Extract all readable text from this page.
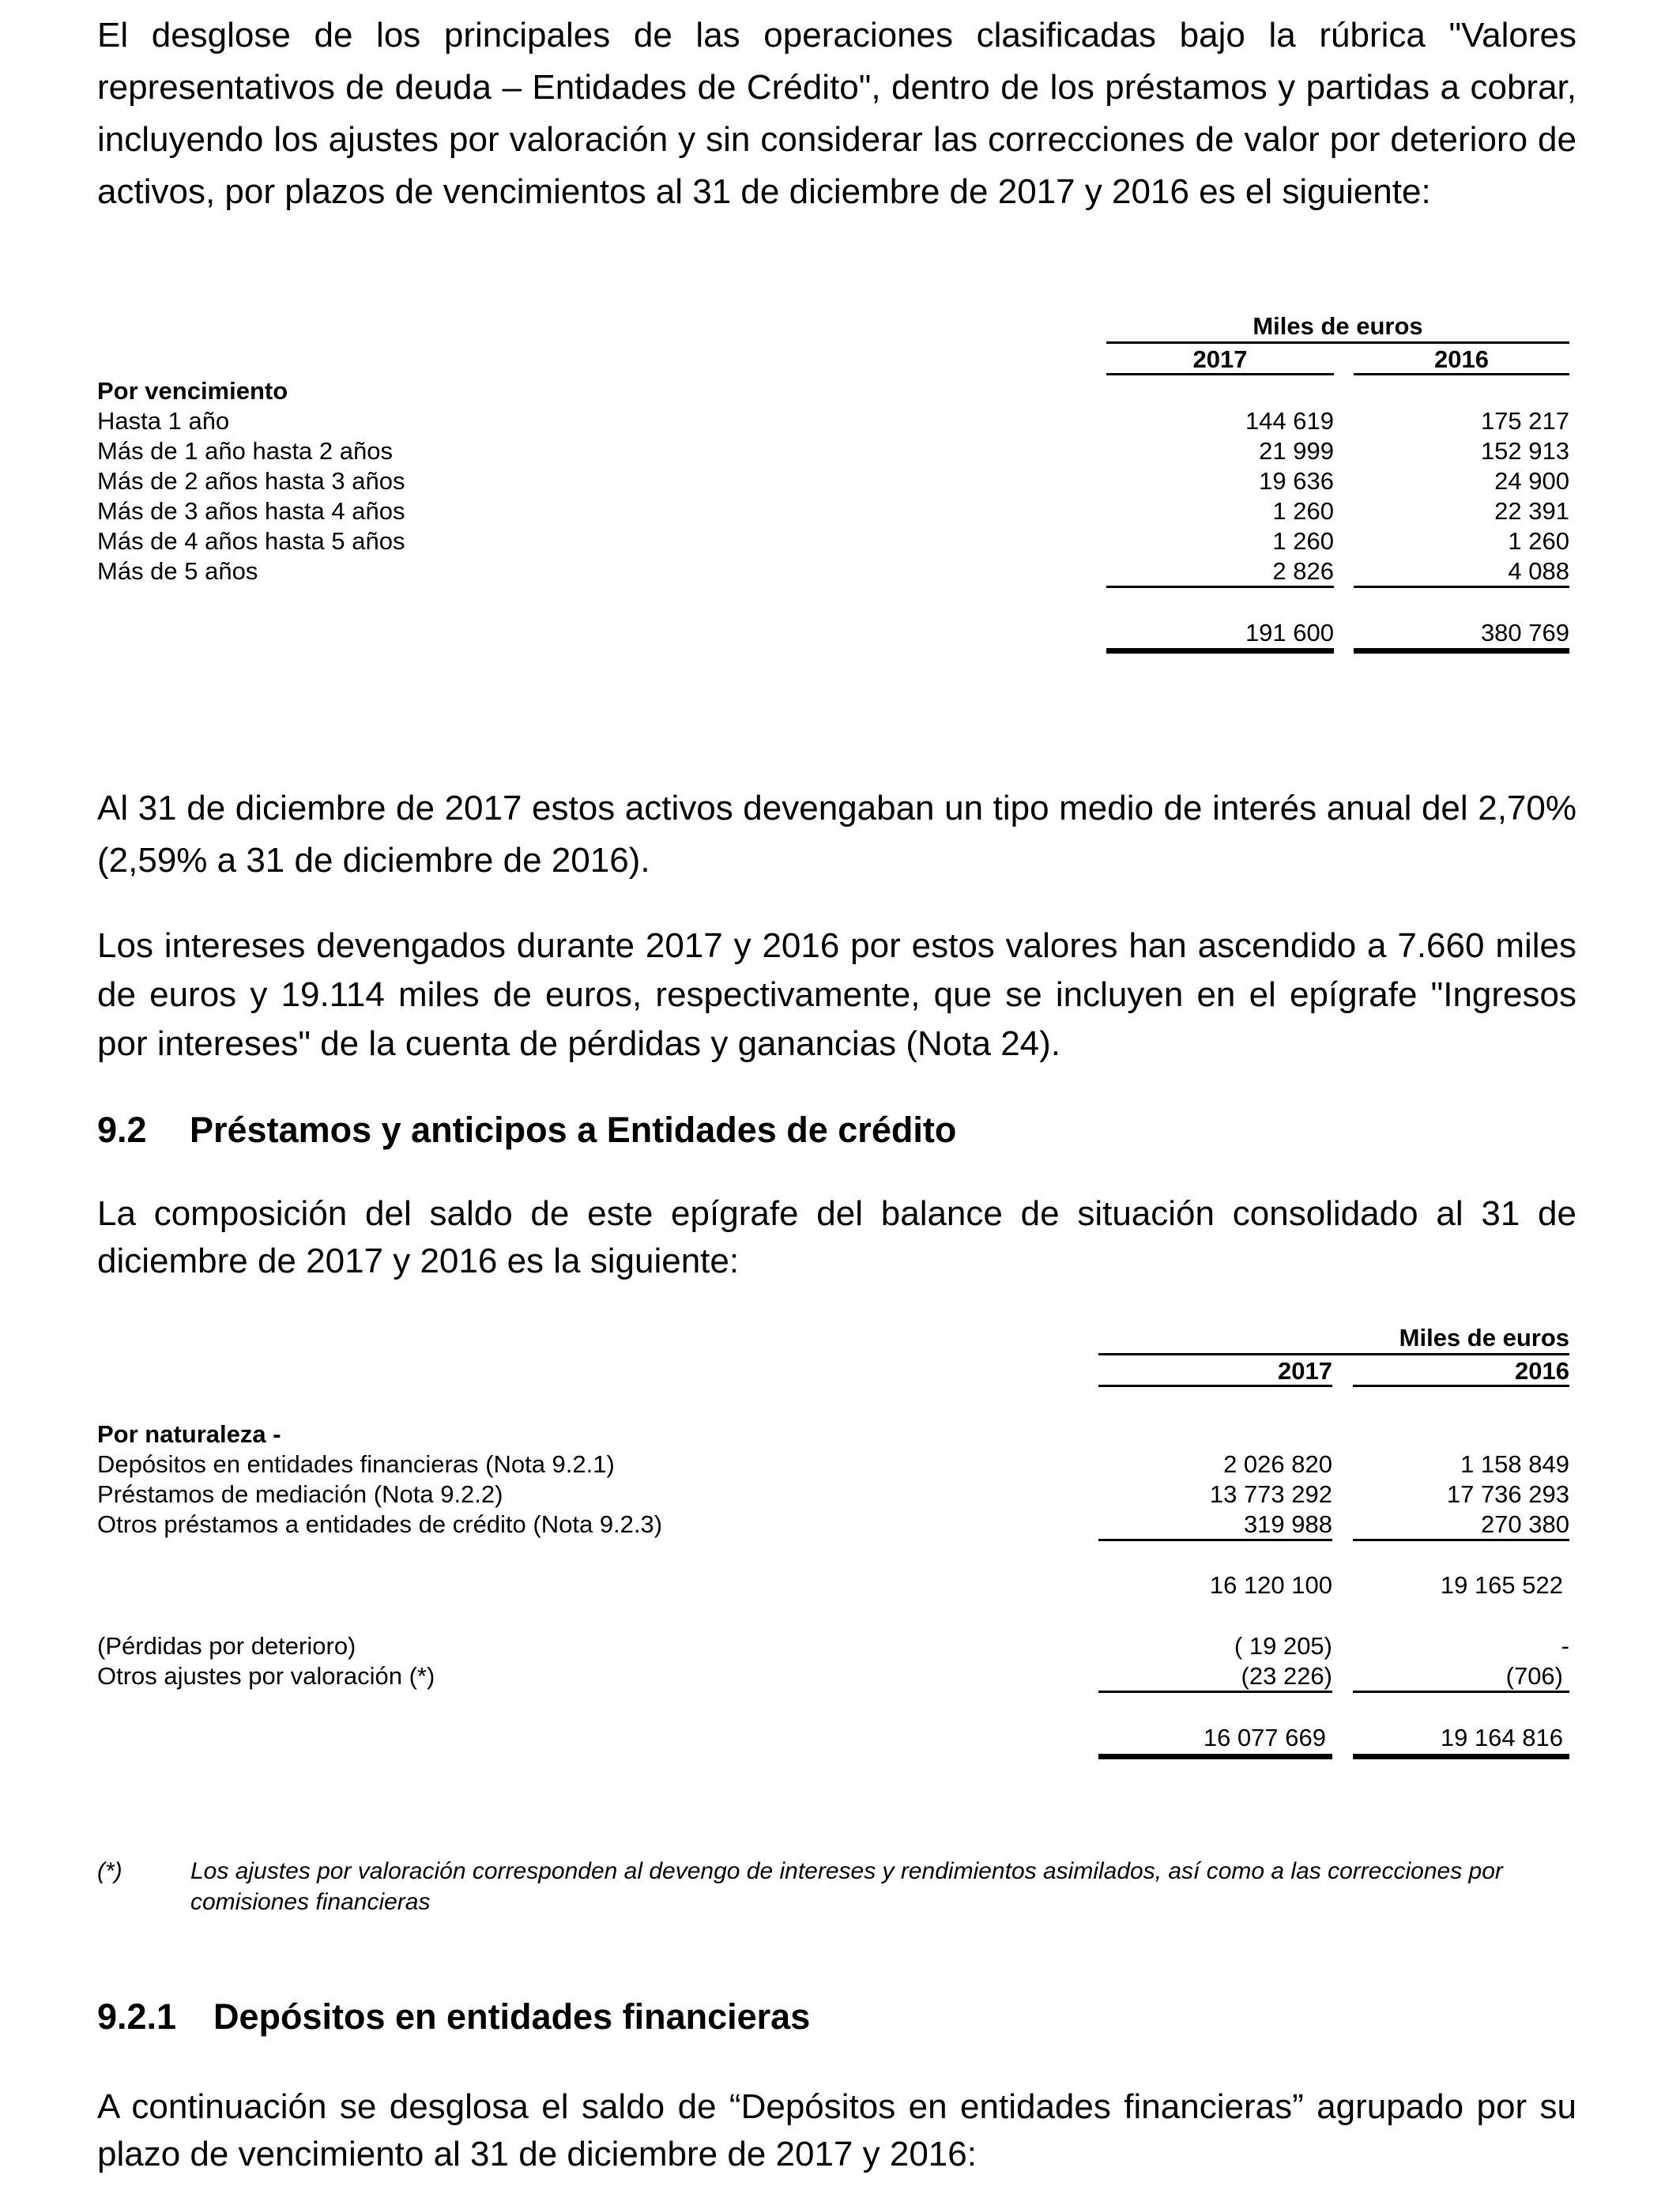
El desglose de los principales de las operaciones clasificadas bajo la rúbrica "Valores representativos de deuda – Entidades de Crédito", dentro de los préstamos y partidas a cobrar, incluyendo los ajustes por valoración y sin considerar las correcciones de valor por deterioro de activos, por plazos de vencimientos al 31 de diciembre de 2017 y 2016 es el siguiente:

Miles de euros
2017	2016
Por vencimiento
Hasta 1 año	144 619	175 217
Más de 1 año hasta 2 años	21 999	152 913
Más de 2 años hasta 3 años	19 636	24 900
Más de 3 años hasta 4 años	1 260	22 391
Más de 4 años hasta 5 años	1 260	1 260
Más de 5 años	2 826	4 088
191 600	380 769

Al 31 de diciembre de 2017 estos activos devengaban un tipo medio de interés anual del 2,70% (2,59% a 31 de diciembre de 2016).

Los intereses devengados durante 2017 y 2016 por estos valores han ascendido a 7.660 miles de euros y 19.114 miles de euros, respectivamente, que se incluyen en el epígrafe "Ingresos por intereses" de la cuenta de pérdidas y ganancias (Nota 24).

9.2 Préstamos y anticipos a Entidades de crédito

La composición del saldo de este epígrafe del balance de situación consolidado al 31 de diciembre de 2017 y 2016 es la siguiente:

Miles de euros
2017	2016
Por naturaleza -
Depósitos en entidades financieras (Nota 9.2.1)	2 026 820	1 158 849
Préstamos de mediación (Nota 9.2.2)	13 773 292	17 736 293
Otros préstamos a entidades de crédito (Nota 9.2.3)	319 988	270 380
16 120 100	19 165 522
(Pérdidas por deterioro)	( 19 205)	-
Otros ajustes por valoración (*)	(23 226)	(706)
16 077 669	19 164 816
(*)	Los ajustes por valoración corresponden al devengo de intereses y rendimientos asimilados, así como a las correcciones por comisiones financieras
9.2.1 Depósitos en entidades financieras

A continuación se desglosa el saldo de “Depósitos en entidades financieras” agrupado por su plazo de vencimiento al 31 de diciembre de 2017 y 2016:
